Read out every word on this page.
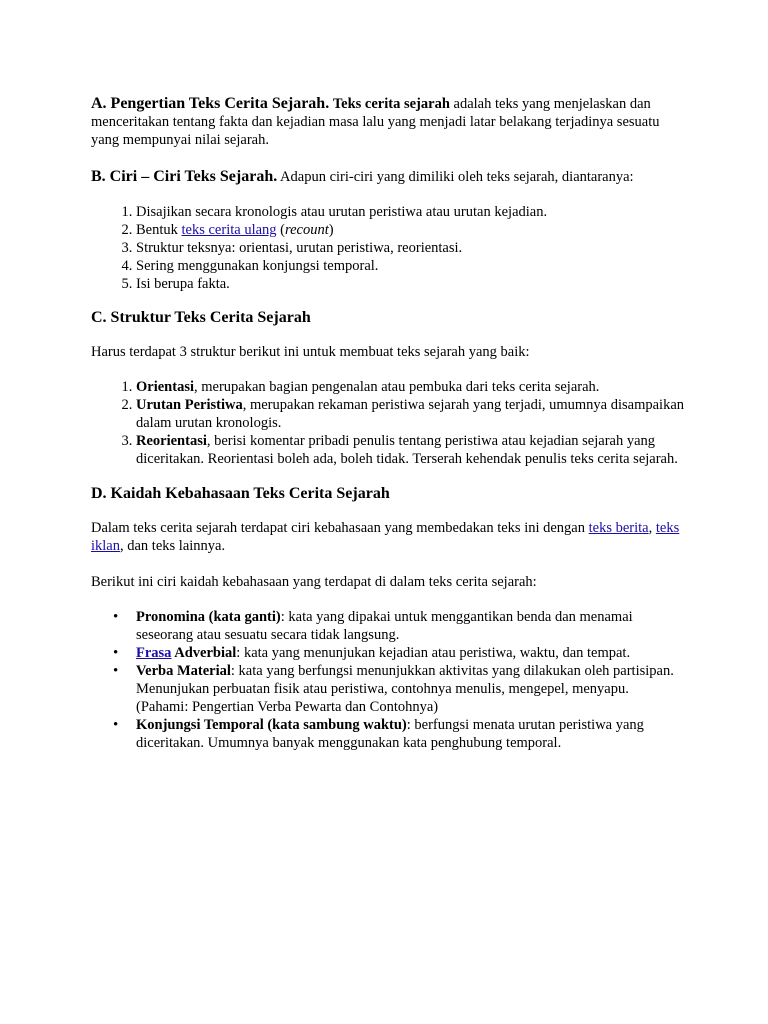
A. Pengertian Teks Cerita Sejarah. Teks cerita sejarah adalah teks yang menjelaskan dan menceritakan tentang fakta dan kejadian masa lalu yang menjadi latar belakang terjadinya sesuatu yang mempunyai nilai sejarah.

B. Ciri – Ciri Teks Sejarah. Adapun ciri-ciri yang dimiliki oleh teks sejarah, diantaranya:

1. Disajikan secara kronologis atau urutan peristiwa atau urutan kejadian.
2. Bentuk teks cerita ulang (recount)
3. Struktur teksnya: orientasi, urutan peristiwa, reorientasi.
4. Sering menggunakan konjungsi temporal.
5. Isi berupa fakta.

C. Struktur Teks Cerita Sejarah

Harus terdapat 3 struktur berikut ini untuk membuat teks sejarah yang baik:

1. Orientasi, merupakan bagian pengenalan atau pembuka dari teks cerita sejarah.
2. Urutan Peristiwa, merupakan rekaman peristiwa sejarah yang terjadi, umumnya disampaikan dalam urutan kronologis.
3. Reorientasi, berisi komentar pribadi penulis tentang peristiwa atau kejadian sejarah yang diceritakan. Reorientasi boleh ada, boleh tidak. Terserah kehendak penulis teks cerita sejarah.

D. Kaidah Kebahasaan Teks Cerita Sejarah

Dalam teks cerita sejarah terdapat ciri kebahasaan yang membedakan teks ini dengan teks berita, teks iklan, dan teks lainnya.

Berikut ini ciri kaidah kebahasaan yang terdapat di dalam teks cerita sejarah:

• Pronomina (kata ganti): kata yang dipakai untuk menggantikan benda dan menamai seseorang atau sesuatu secara tidak langsung.
• Frasa Adverbial: kata yang menunjukan kejadian atau peristiwa, waktu, dan tempat.
• Verba Material: kata yang berfungsi menunjukkan aktivitas yang dilakukan oleh partisipan. Menunjukan perbuatan fisik atau peristiwa, contohnya menulis, mengepel, menyapu. (Pahami: Pengertian Verba Pewarta dan Contohnya)
• Konjungsi Temporal (kata sambung waktu): berfungsi menata urutan peristiwa yang diceritakan. Umumnya banyak menggunakan kata penghubung temporal.
